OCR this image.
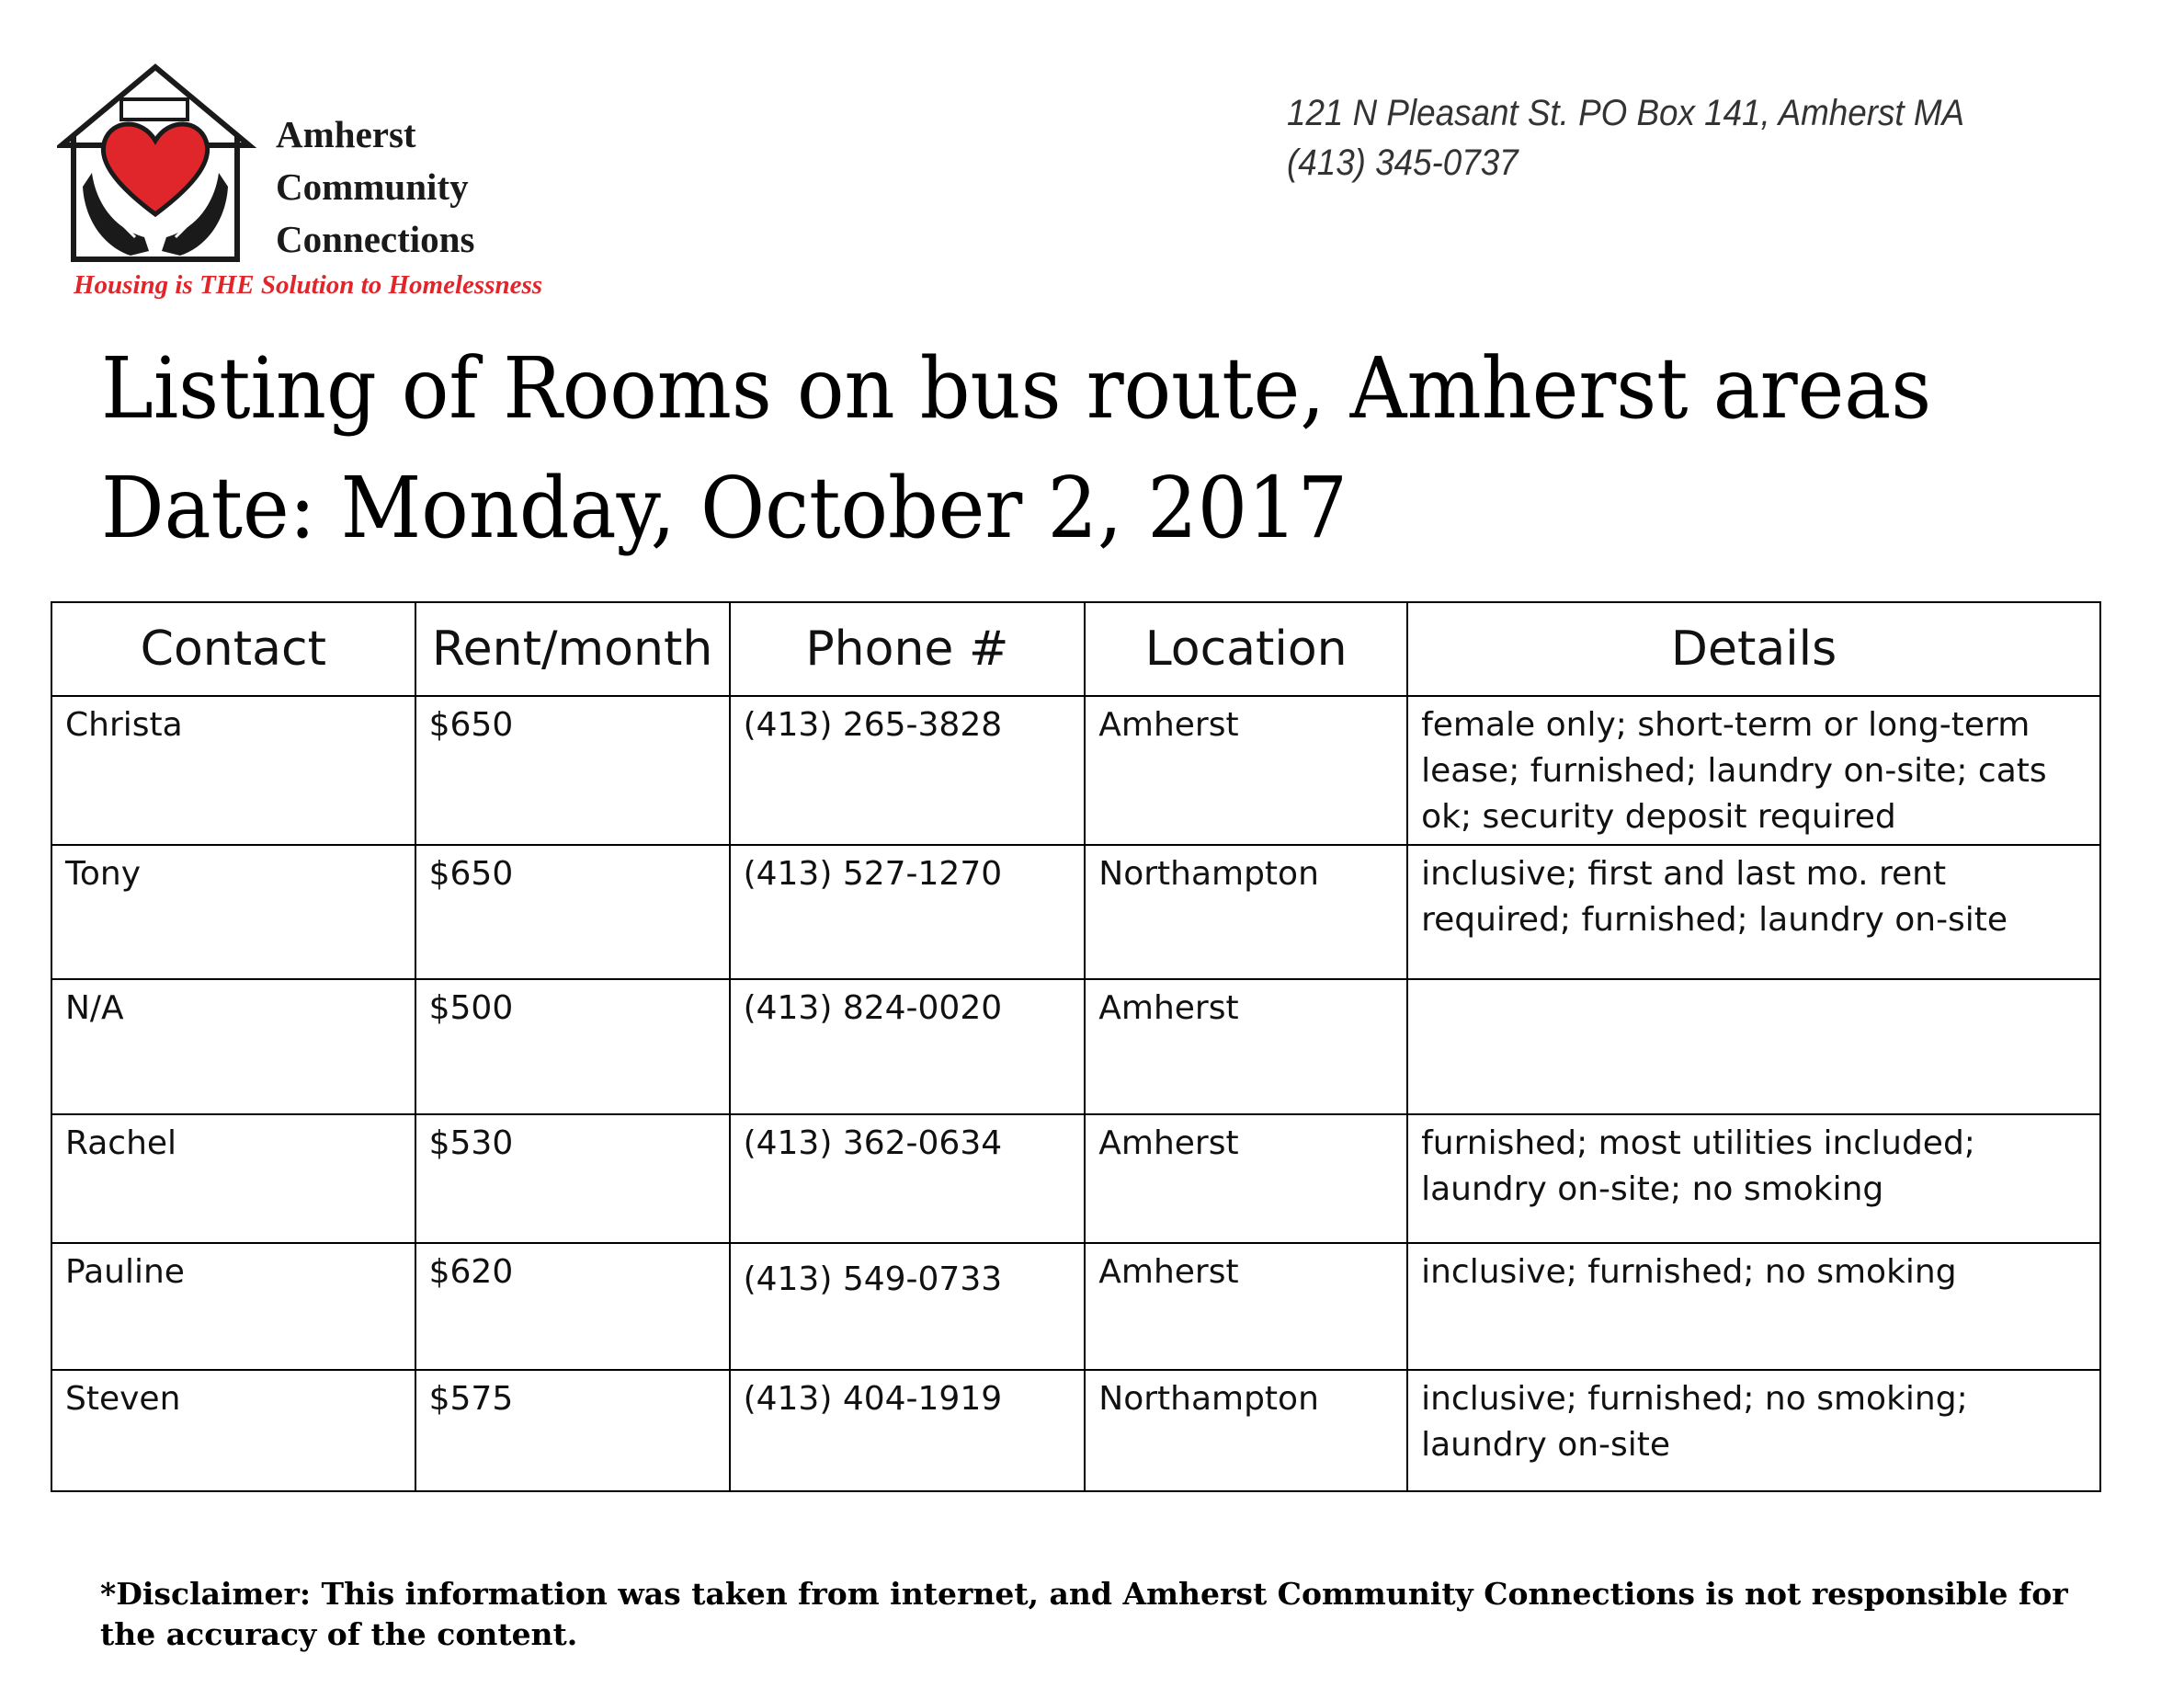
Amherst
Community
Connections
Housing is THE Solution to Homelessness
121 N Pleasant St. PO Box 141, Amherst MA
(413) 345-0737
Listing of Rooms on bus route, Amherst areas
Date: Monday, October 2, 2017
Contact	Rent/month	Phone #	Location	Details
Christa	$650	(413) 265-3828	Amherst	female only; short-term or long-term lease; furnished; laundry on-site; cats ok; security deposit required
Tony	$650	(413) 527-1270	Northampton	inclusive; first and last mo. rent required; furnished; laundry on-site
N/A	$500	(413) 824-0020	Amherst	
Rachel	$530	(413) 362-0634	Amherst	furnished; most utilities included; laundry on-site; no smoking
Pauline	$620	(413) 549-0733	Amherst	inclusive; furnished; no smoking
Steven	$575	(413) 404-1919	Northampton	inclusive; furnished; no smoking; laundry on-site
*Disclaimer: This information was taken from internet, and Amherst Community Connections is not responsible for the accuracy of the content.
